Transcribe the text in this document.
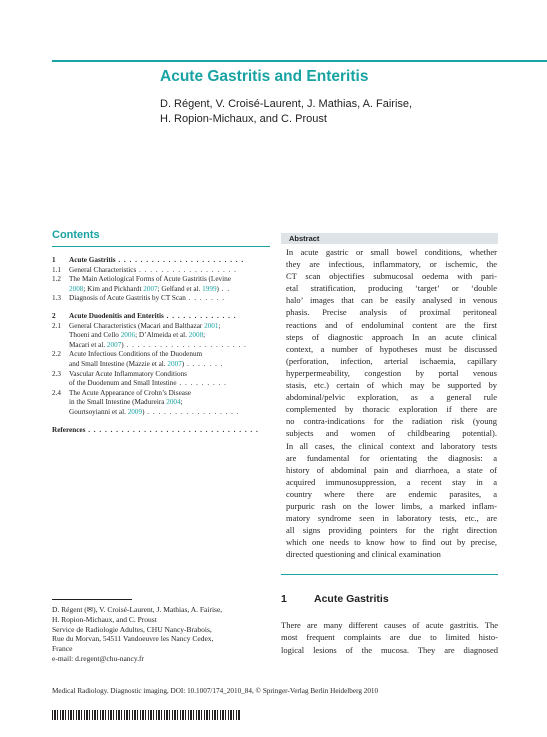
Acute Gastritis and Enteritis
D. Régent, V. Croisé-Laurent, J. Mathias, A. Fairise,
H. Ropion-Michaux, and C. Proust
Contents
1 Acute Gastritis . . . . . . . . . . . . . . . . . . . . . . .
1.1 General Characteristics . . . . . . . . . . . . . . . . . .
1.2 The Main Aetiological Forms of Acute Gastritis (Levine
2008; Kim and Pickhardt 2007; Gelfand et al. 1999) . .
1.3 Diagnosis of Acute Gastritis by CT Scan . . . . . . .
2 Acute Duodenitis and Enteritis . . . . . . . . . . . . .
2.1 General Characteristics (Macari and Balthazar 2001;
Thoeni and Cello 2006; D’Almeida et al. 2008;
Macari et al. 2007) . . . . . . . . . . . . . . . . . . . . . .
2.2 Acute Infectious Conditions of the Duodenum
and Small Intestine (Mazzie et al. 2007) . . . . . . .
2.3 Vascular Acute Inflammatory Conditions
of the Duodenum and Small Intestine . . . . . . . . .
2.4 The Acute Appearance of Crohn’s Disease
in the Small Intestine (Madureira 2004;
Gourtsoyianni et al. 2009) . . . . . . . . . . . . . . . . .
References . . . . . . . . . . . . . . . . . . . . . . . . . . . . . . .
Abstract
In acute gastric or small bowel conditions, whether
they are infectious, inflammatory, or ischemic, the
CT scan objectifies submucosal oedema with pari-
etal stratification, producing ‘target’ or ‘double
halo’ images that can be easily analysed in venous
phasis. Precise analysis of proximal peritoneal
reactions and of endoluminal content are the first
steps of diagnostic approach In an acute clinical
context, a number of hypotheses must be discussed
(perforation, infection, arterial ischaemia, capillary
hyperpermeability, congestion by portal venous
stasis, etc.) certain of which may be supported by
abdominal/pelvic exploration, as a general rule
complemented by thoracic exploration if there are
no contra-indications for the radiation risk (young
subjects and women of childbearing potential).
In all cases, the clinical context and laboratory tests
are fundamental for orientating the diagnosis: a
history of abdominal pain and diarrhoea, a state of
acquired immunosuppression, a recent stay in a
country where there are endemic parasites, a
purpuric rash on the lower limbs, a marked inflam-
matory syndrome seen in laboratory tests, etc., are
all signs providing pointers for the right direction
which one needs to know how to find out by precise,
directed questioning and clinical examination
1	Acute Gastritis
There are many different causes of acute gastritis. The
most frequent complaints are due to limited histo-
logical lesions of the mucosa. They are diagnosed
D. Régent (✉), V. Croisé-Laurent, J. Mathias, A. Fairise,
H. Ropion-Michaux, and C. Proust
Service de Radiologie Adultes, CHU Nancy-Brabois,
Rue du Morvan, 54511 Vandoeuvre les Nancy Cedex,
France
e-mail: d.regent@chu-nancy.fr
Medical Radiology. Diagnostic imaging, DOI: 10.1007/174_2010_84, © Springer-Verlag Berlin Heidelberg 2010
